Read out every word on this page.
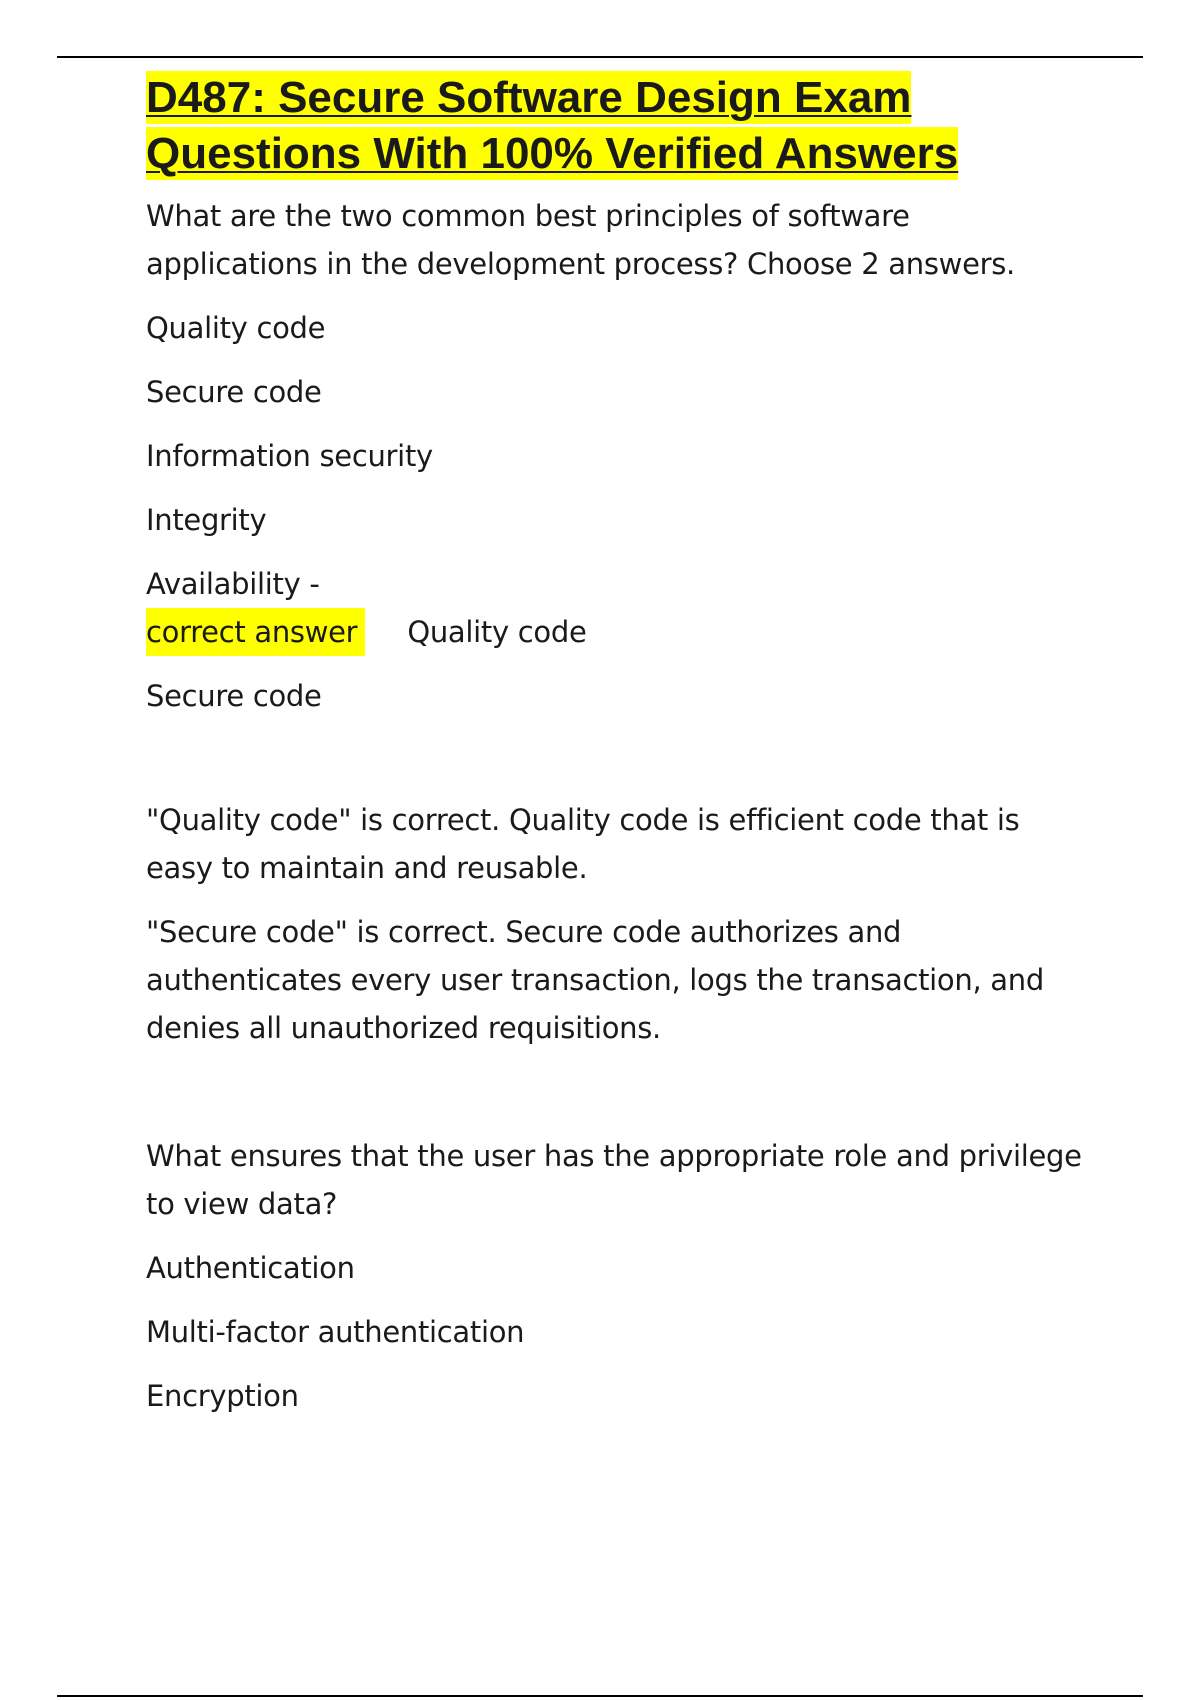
D487: Secure Software Design Exam Questions With 100% Verified Answers

What are the two common best principles of software applications in the development process? Choose 2 answers.

Quality code

Secure code

Information security

Integrity

Availability -

correct answer Quality code

Secure code

"Quality code" is correct. Quality code is efficient code that is easy to maintain and reusable.

"Secure code" is correct. Secure code authorizes and authenticates every user transaction, logs the transaction, and denies all unauthorized requisitions.

What ensures that the user has the appropriate role and privilege to view data?

Authentication

Multi-factor authentication

Encryption
